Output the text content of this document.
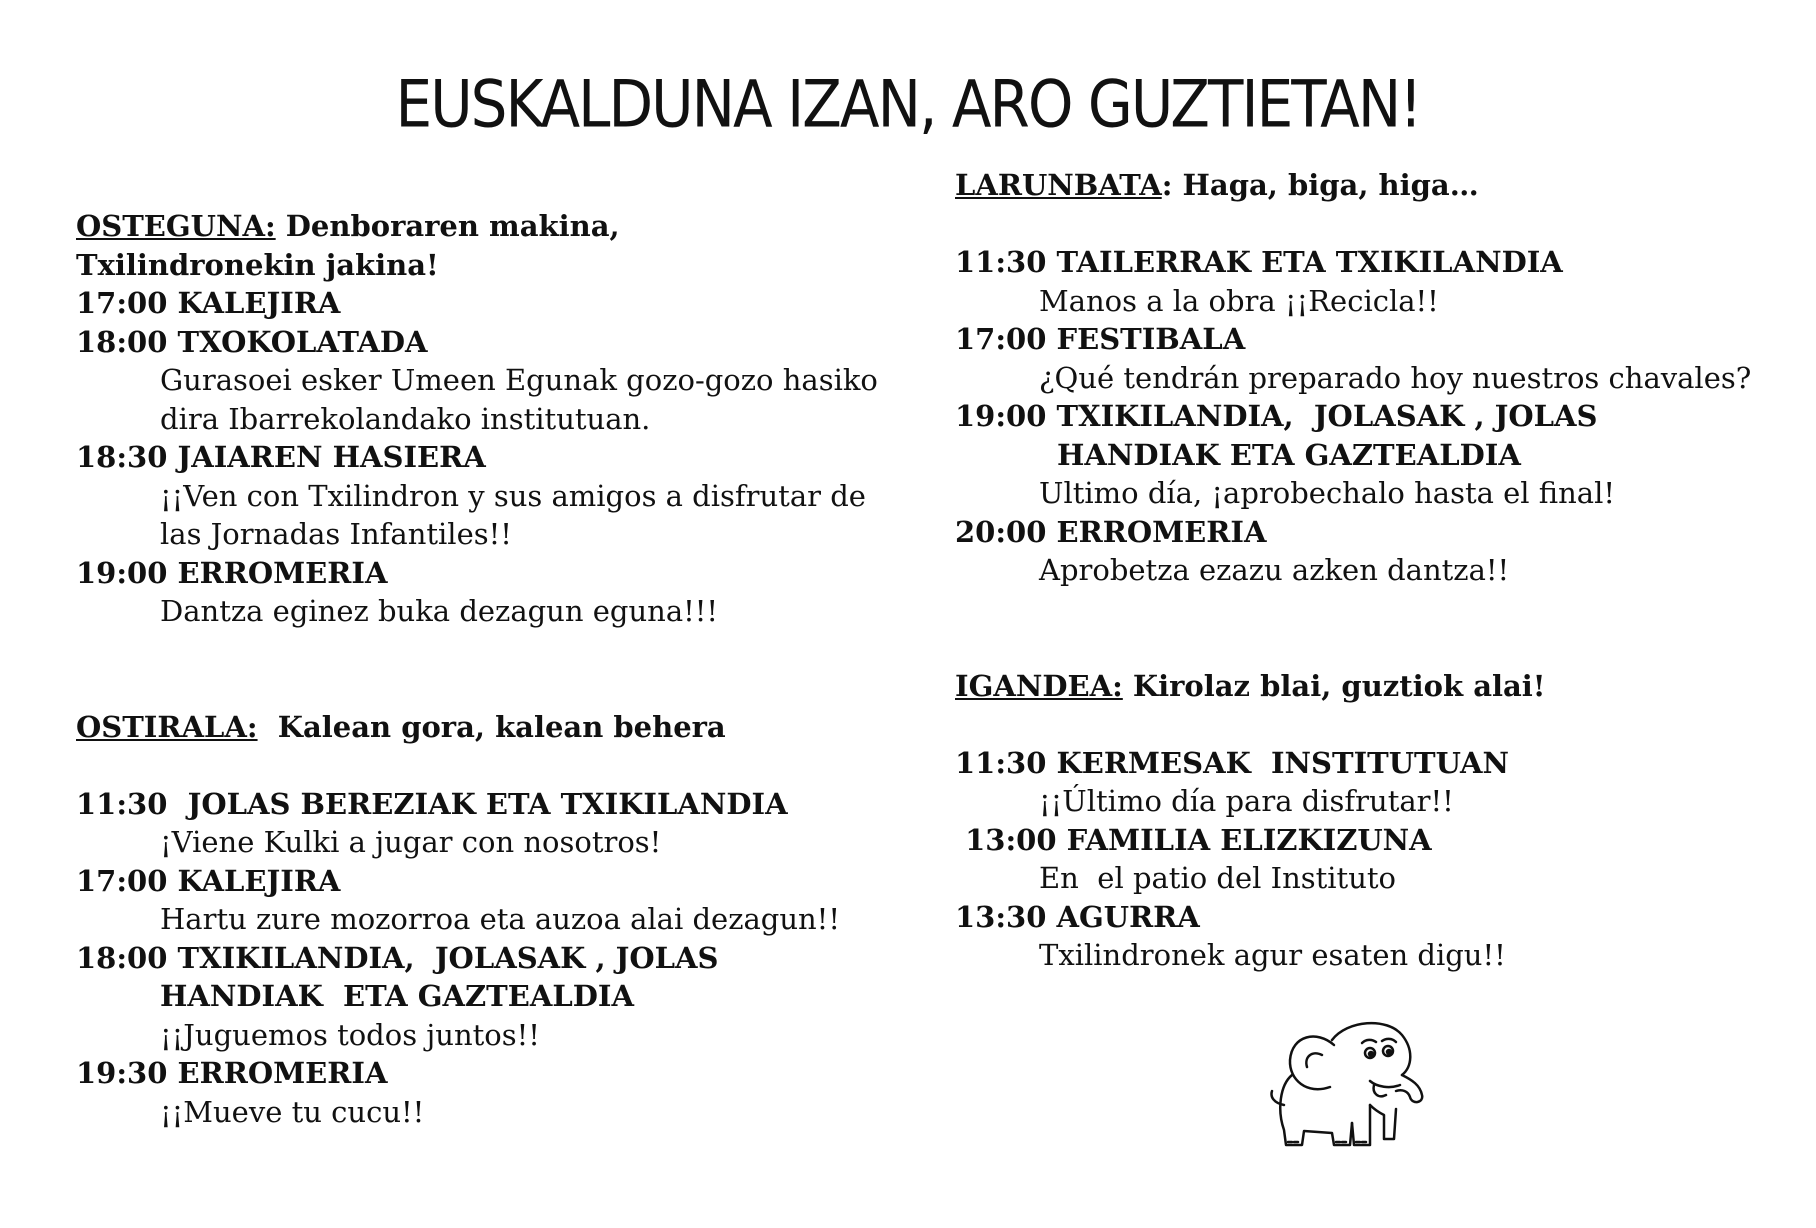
EUSKALDUNA IZAN, ARO GUZTIETAN!

OSTEGUNA: Denboraren makina,

Txilindronekin jakina!

17:00 KALEJIRA

18:00 TXOKOLATADA

Gurasoei esker Umeen Egunak gozo-gozo hasiko

dira Ibarrekolandako institutuan.

18:30 JAIAREN HASIERA

¡¡Ven con Txilindron y sus amigos a disfrutar de

las Jornadas Infantiles!!

19:00 ERROMERIA

Dantza eginez buka dezagun eguna!!!

OSTIRALA:  Kalean gora, kalean behera

11:30  JOLAS BEREZIAK ETA TXIKILANDIA

¡Viene Kulki a jugar con nosotros!

17:00 KALEJIRA

Hartu zure mozorroa eta auzoa alai dezagun!!

18:00 TXIKILANDIA,  JOLASAK , JOLAS

HANDIAK  ETA GAZTEALDIA

¡¡Juguemos todos juntos!!

19:30 ERROMERIA

¡¡Mueve tu cucu!!

LARUNBATA: Haga, biga, higa…

11:30 TAILERRAK ETA TXIKILANDIA

Manos a la obra ¡¡Recicla!!

17:00 FESTIBALA

¿Qué tendrán preparado hoy nuestros chavales?

19:00 TXIKILANDIA,  JOLASAK , JOLAS

HANDIAK ETA GAZTEALDIA

Ultimo día, ¡aprobechalo hasta el final!

20:00 ERROMERIA

Aprobetza ezazu azken dantza!!

IGANDEA: Kirolaz blai, guztiok alai!

11:30 KERMESAK  INSTITUTUAN

¡¡Último día para disfrutar!!

13:00 FAMILIA ELIZKIZUNA

En  el patio del Instituto

13:30 AGURRA

Txilindronek agur esaten digu!!
